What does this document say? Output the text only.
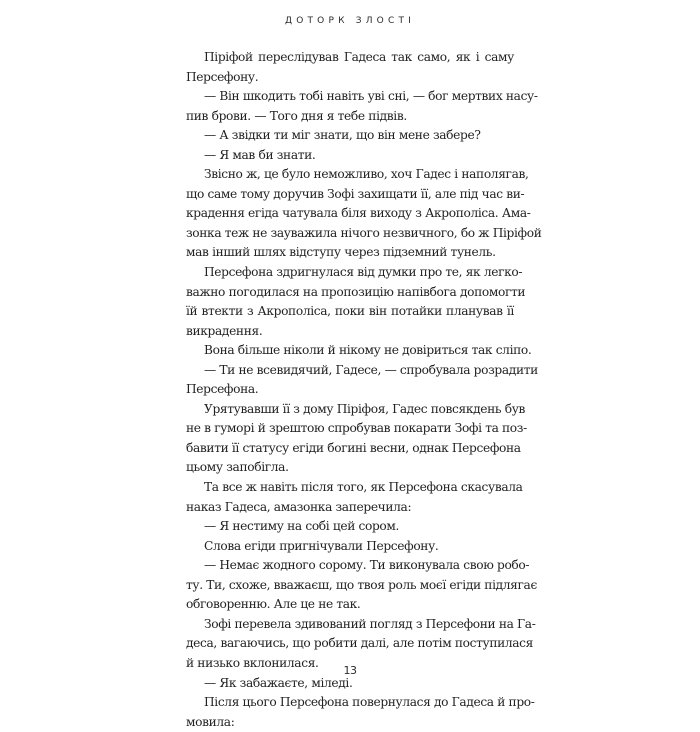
ДОТОРК ЗЛОСТІ
Піріфой переслідував Гадеса так само, як і саму
Персефону.
— Він шкодить тобі навіть уві сні, — бог мертвих насу-
пив брови. — Того дня я тебе підвів.
— А звідки ти міг знати, що він мене забере?
— Я мав би знати.
Звісно ж, це було неможливо, хоч Гадес і наполягав,
що саме тому доручив Зофі захищати її, але під час ви-
крадення егіда чатувала біля виходу з Акрополіса. Ама-
зонка теж не зауважила нічого незвичного, бо ж Піріфой
мав інший шлях відступу через підземний тунель.
Персефона здригнулася від думки про те, як легко-
важно погодилася на пропозицію напівбога допомогти
їй втекти з Акрополіса, поки він потайки планував її
викрадення.
Вона більше ніколи й нікому не довіриться так сліпо.
— Ти не всевидячий, Гадесе, — спробувала розрадити
Персефона.
Урятувавши її з дому Піріфоя, Гадес повсякдень був
не в гуморі й зрештою спробував покарати Зофі та поз-
бавити її статусу егіди богині весни, однак Персефона
цьому запобігла.
Та все ж навіть після того, як Персефона скасувала
наказ Гадеса, амазонка заперечила:
— Я нестиму на собі цей сором.
Слова егіди пригнічували Персефону.
— Немає жодного сорому. Ти виконувала свою робо-
ту. Ти, схоже, вважаєш, що твоя роль моєї егіди підлягає
обговоренню. Але це не так.
Зофі перевела здивований погляд з Персефони на Га-
деса, вагаючись, що робити далі, але потім поступилася
й низько вклонилася.
— Як забажаєте, міледі.
Після цього Персефона повернулася до Гадеса й про-
мовила:
13
